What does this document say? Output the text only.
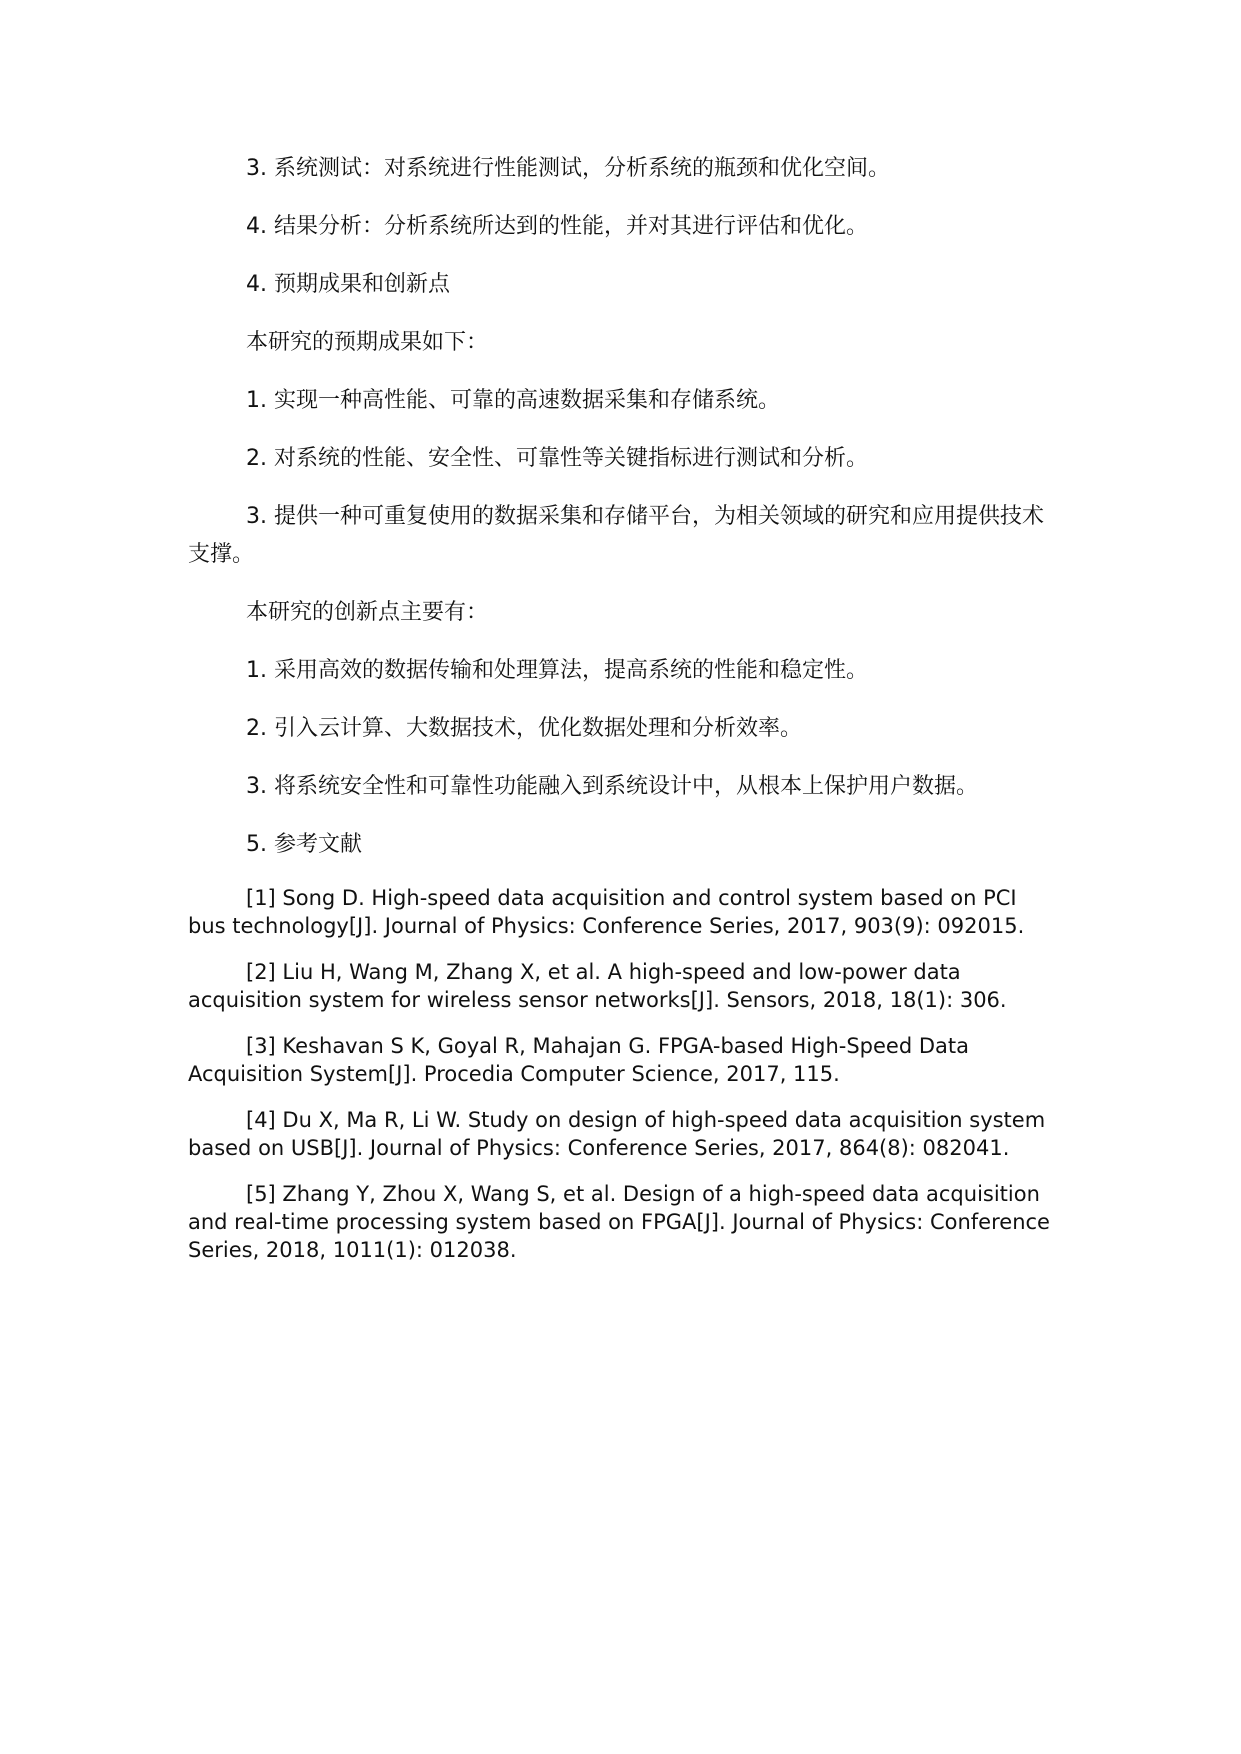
3. 系统测试：对系统进行性能测试，分析系统的瓶颈和优化空间。

4. 结果分析：分析系统所达到的性能，并对其进行评估和优化。

4. 预期成果和创新点

本研究的预期成果如下：

1. 实现一种高性能、可靠的高速数据采集和存储系统。

2. 对系统的性能、安全性、可靠性等关键指标进行测试和分析。

3. 提供一种可重复使用的数据采集和存储平台，为相关领域的研究和应用提供技术支撑。

本研究的创新点主要有：

1. 采用高效的数据传输和处理算法，提高系统的性能和稳定性。

2. 引入云计算、大数据技术，优化数据处理和分析效率。

3. 将系统安全性和可靠性功能融入到系统设计中，从根本上保护用户数据。

5. 参考文献

[1] Song D. High-speed data acquisition and control system based on PCI bus technology[J]. Journal of Physics: Conference Series, 2017, 903(9): 092015.

[2] Liu H, Wang M, Zhang X, et al. A high-speed and low-power data acquisition system for wireless sensor networks[J]. Sensors, 2018, 18(1): 306.

[3] Keshavan S K, Goyal R, Mahajan G. FPGA-based High-Speed Data Acquisition System[J]. Procedia Computer Science, 2017, 115.

[4] Du X, Ma R, Li W. Study on design of high-speed data acquisition system based on USB[J]. Journal of Physics: Conference Series, 2017, 864(8): 082041.

[5] Zhang Y, Zhou X, Wang S, et al. Design of a high-speed data acquisition and real-time processing system based on FPGA[J]. Journal of Physics: Conference Series, 2018, 1011(1): 012038.
